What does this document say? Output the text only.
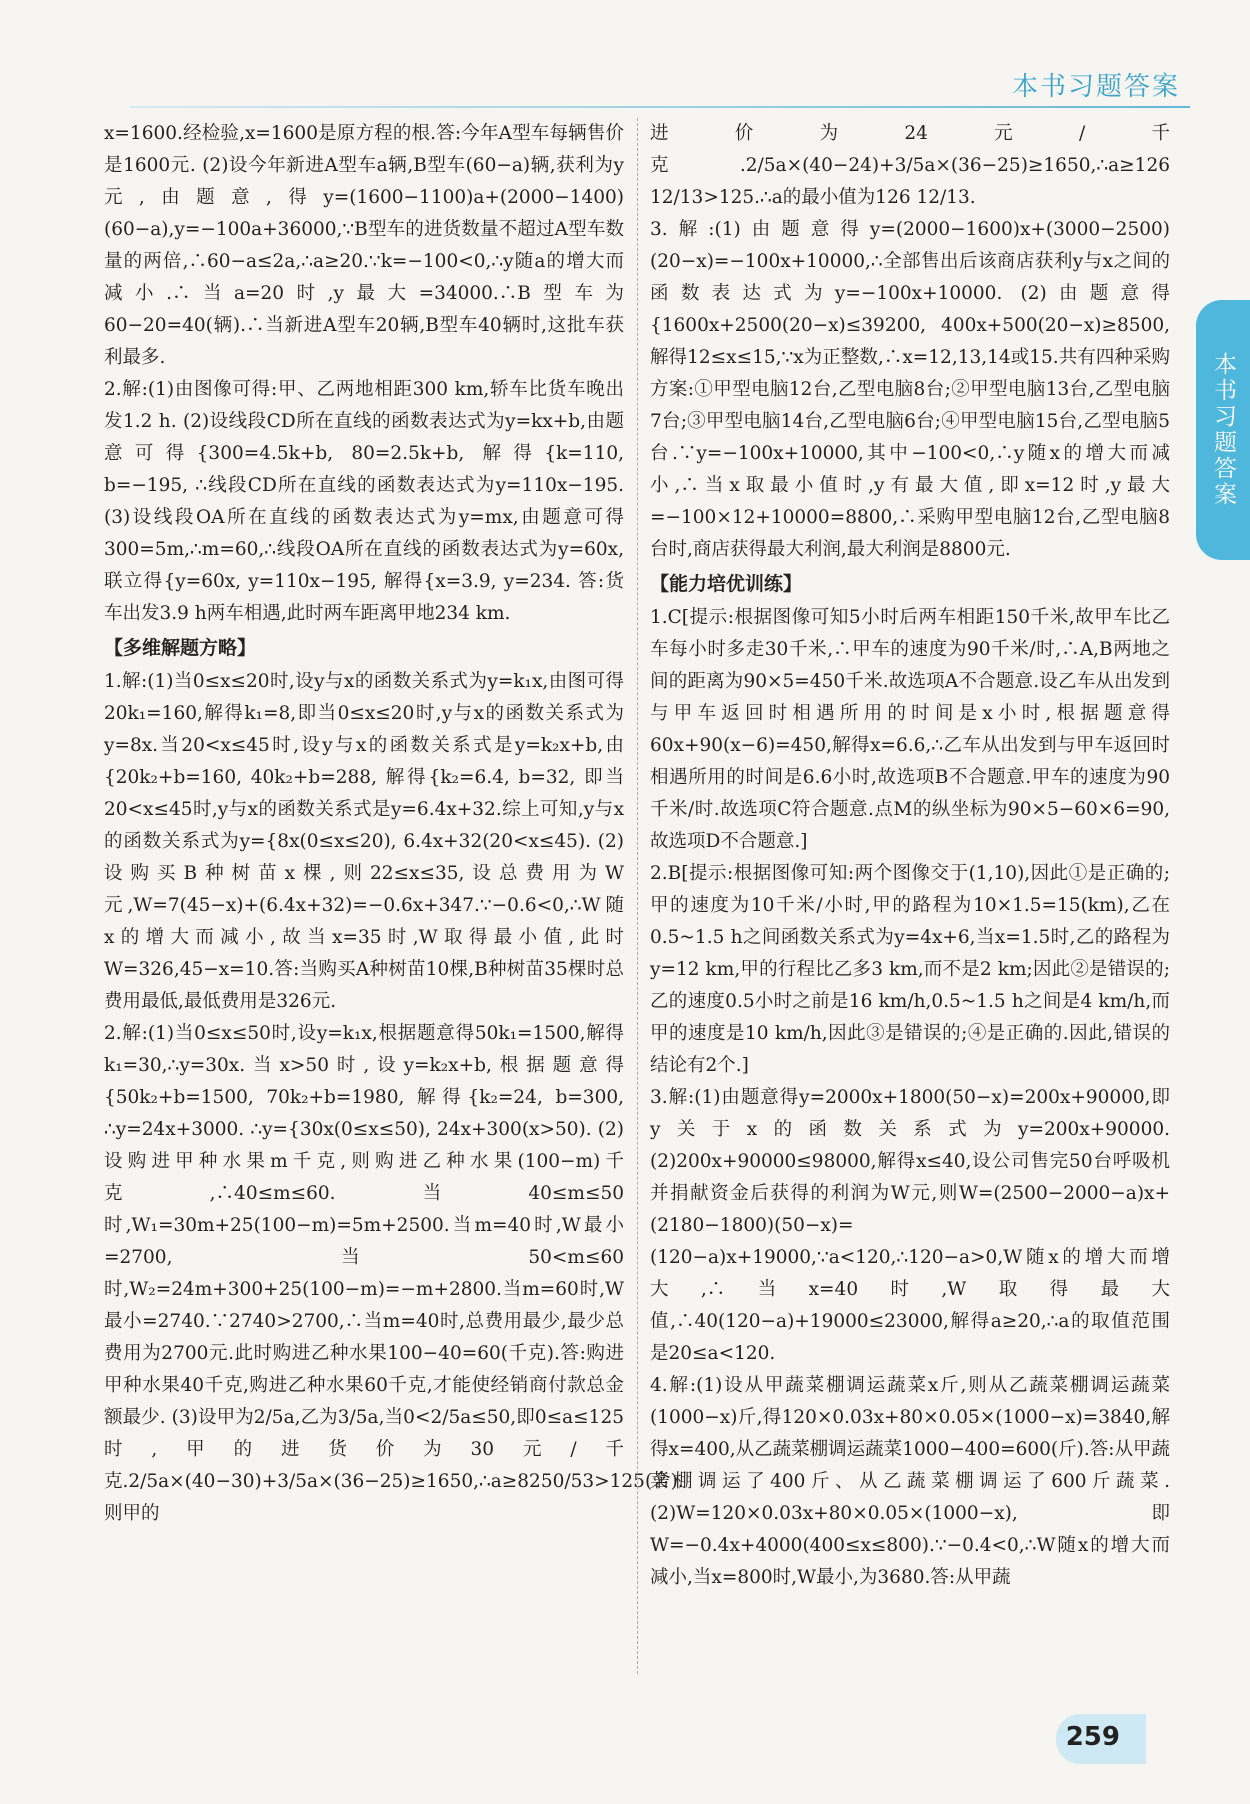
本书习题答案
本书习题答案

x=1600.经检验,x=1600是原方程的根.答:今年A型车每辆售价是1600元. (2)设今年新进A型车a辆,B型车(60−a)辆,获利为y元,由题意,得y=(1600−1100)a+(2000−1400)(60−a),y=−100a+36000,∵B型车的进货数量不超过A型车数量的两倍,∴60−a≤2a,∴a≥20.∵k=−100<0,∴y随a的增大而减小.∴当a=20时,y最大=34000.∴B型车为60−20=40(辆).∴当新进A型车20辆,B型车40辆时,这批车获利最多.

2.解:(1)由图像可得:甲、乙两地相距300 km,轿车比货车晚出发1.2 h. (2)设线段CD所在直线的函数表达式为y=kx+b,由题意可得{300=4.5k+b, 80=2.5k+b, 解得{k=110, b=−195, ∴线段CD所在直线的函数表达式为y=110x−195. (3)设线段OA所在直线的函数表达式为y=mx,由题意可得300=5m,∴m=60,∴线段OA所在直线的函数表达式为y=60x,联立得{y=60x, y=110x−195, 解得{x=3.9, y=234. 答:货车出发3.9 h两车相遇,此时两车距离甲地234 km.

【多维解题方略】

1.解:(1)当0≤x≤20时,设y与x的函数关系式为y=k₁x,由图可得20k₁=160,解得k₁=8,即当0≤x≤20时,y与x的函数关系式为y=8x.当20<x≤45时,设y与x的函数关系式是y=k₂x+b,由{20k₂+b=160, 40k₂+b=288, 解得{k₂=6.4, b=32, 即当20<x≤45时,y与x的函数关系式是y=6.4x+32.综上可知,y与x的函数关系式为y={8x(0≤x≤20), 6.4x+32(20<x≤45). (2)设购买B种树苗x棵,则22≤x≤35,设总费用为W元,W=7(45−x)+(6.4x+32)=−0.6x+347.∵−0.6<0,∴W随x的增大而减小,故当x=35时,W取得最小值,此时W=326,45−x=10.答:当购买A种树苗10棵,B种树苗35棵时总费用最低,最低费用是326元.

2.解:(1)当0≤x≤50时,设y=k₁x,根据题意得50k₁=1500,解得k₁=30,∴y=30x.当x>50时,设y=k₂x+b,根据题意得{50k₂+b=1500, 70k₂+b=1980, 解得{k₂=24, b=300, ∴y=24x+3000. ∴y={30x(0≤x≤50), 24x+300(x>50). (2)设购进甲种水果m千克,则购进乙种水果(100−m)千克,∴40≤m≤60.当40≤m≤50时,W₁=30m+25(100−m)=5m+2500.当m=40时,W最小=2700,当50<m≤60时,W₂=24m+300+25(100−m)=−m+2800.当m=60时,W最小=2740.∵2740>2700,∴当m=40时,总费用最少,最少总费用为2700元.此时购进乙种水果100−40=60(千克).答:购进甲种水果40千克,购进乙种水果60千克,才能使经销商付款总金额最少. (3)设甲为2/5a,乙为3/5a,当0<2/5a≤50,即0≤a≤125时,甲的进货价为30元/千克.2/5a×(40−30)+3/5a×(36−25)≥1650,∴a≥8250/53>125(舍).则甲的

进价为24元/千克.2/5a×(40−24)+3/5a×(36−25)≥1650,∴a≥126 12/13>125.∴a的最小值为126 12/13.

3.解:(1)由题意得y=(2000−1600)x+(3000−2500)(20−x)=−100x+10000,∴全部售出后该商店获利y与x之间的函数表达式为y=−100x+10000. (2)由题意得{1600x+2500(20−x)≤39200, 400x+500(20−x)≥8500, 解得12≤x≤15,∵x为正整数,∴x=12,13,14或15.共有四种采购方案:①甲型电脑12台,乙型电脑8台;②甲型电脑13台,乙型电脑7台;③甲型电脑14台,乙型电脑6台;④甲型电脑15台,乙型电脑5台.∵y=−100x+10000,其中−100<0,∴y随x的增大而减小,∴当x取最小值时,y有最大值,即x=12时,y最大=−100×12+10000=8800,∴采购甲型电脑12台,乙型电脑8台时,商店获得最大利润,最大利润是8800元.

【能力培优训练】

1.C[提示:根据图像可知5小时后两车相距150千米,故甲车比乙车每小时多走30千米,∴甲车的速度为90千米/时,∴A,B两地之间的距离为90×5=450千米.故选项A不合题意.设乙车从出发到与甲车返回时相遇所用的时间是x小时,根据题意得60x+90(x−6)=450,解得x=6.6,∴乙车从出发到与甲车返回时相遇所用的时间是6.6小时,故选项B不合题意.甲车的速度为90千米/时.故选项C符合题意.点M的纵坐标为90×5−60×6=90,故选项D不合题意.]

2.B[提示:根据图像可知:两个图像交于(1,10),因此①是正确的;甲的速度为10千米/小时,甲的路程为10×1.5=15(km),乙在0.5~1.5 h之间函数关系式为y=4x+6,当x=1.5时,乙的路程为y=12 km,甲的行程比乙多3 km,而不是2 km;因此②是错误的;乙的速度0.5小时之前是16 km/h,0.5~1.5 h之间是4 km/h,而甲的速度是10 km/h,因此③是错误的;④是正确的.因此,错误的结论有2个.]

3.解:(1)由题意得y=2000x+1800(50−x)=200x+90000,即y关于x的函数关系式为y=200x+90000. (2)200x+90000≤98000,解得x≤40,设公司售完50台呼吸机并捐献资金后获得的利润为W元,则W=(2500−2000−a)x+(2180−1800)(50−x)=(120−a)x+19000,∵a<120,∴120−a>0,W随x的增大而增大,∴当x=40时,W取得最大值,∴40(120−a)+19000≤23000,解得a≥20,∴a的取值范围是20≤a<120.

4.解:(1)设从甲蔬菜棚调运蔬菜x斤,则从乙蔬菜棚调运蔬菜(1000−x)斤,得120×0.03x+80×0.05×(1000−x)=3840,解得x=400,从乙蔬菜棚调运蔬菜1000−400=600(斤).答:从甲蔬菜棚调运了400斤、从乙蔬菜棚调运了600斤蔬菜. (2)W=120×0.03x+80×0.05×(1000−x),即W=−0.4x+4000(400≤x≤800).∵−0.4<0,∴W随x的增大而减小,当x=800时,W最小,为3680.答:从甲蔬

259
